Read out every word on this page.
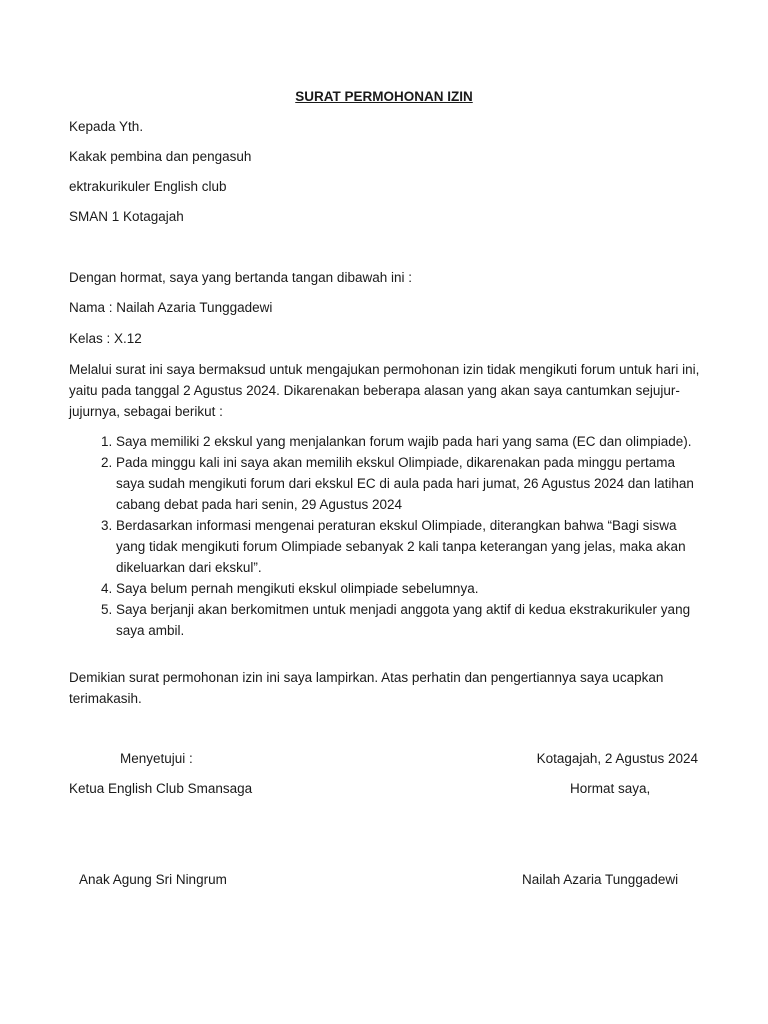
SURAT PERMOHONAN IZIN
Kepada Yth.
Kakak pembina dan pengasuh
ektrakurikuler English club
SMAN 1 Kotagajah
Dengan hormat, saya yang bertanda tangan dibawah ini :
Nama : Nailah Azaria Tunggadewi
Kelas : X.12
Melalui surat ini saya bermaksud untuk mengajukan permohonan izin tidak mengikuti forum untuk hari ini, yaitu pada tanggal 2 Agustus 2024. Dikarenakan beberapa alasan yang akan saya cantumkan sejujur-jujurnya, sebagai berikut :
1. Saya memiliki 2 ekskul yang menjalankan forum wajib pada hari yang sama (EC dan olimpiade).
2. Pada minggu kali ini saya akan memilih ekskul Olimpiade, dikarenakan pada minggu pertama saya sudah mengikuti forum dari ekskul EC di aula pada hari jumat, 26 Agustus 2024 dan latihan cabang debat pada hari senin, 29 Agustus 2024
3. Berdasarkan informasi mengenai peraturan ekskul Olimpiade, diterangkan bahwa “Bagi siswa yang tidak mengikuti forum Olimpiade sebanyak 2 kali tanpa keterangan yang jelas, maka akan dikeluarkan dari ekskul”.
4. Saya belum pernah mengikuti ekskul olimpiade sebelumnya.
5. Saya berjanji akan berkomitmen untuk menjadi anggota yang aktif di kedua ekstrakurikuler yang saya ambil.
Demikian surat permohonan izin ini saya lampirkan. Atas perhatin dan pengertiannya saya ucapkan terimakasih.
Menyetujui :	Kotagajah, 2 Agustus 2024
Ketua English Club Smansaga	Hormat saya,
Anak Agung Sri Ningrum	Nailah Azaria Tunggadewi
